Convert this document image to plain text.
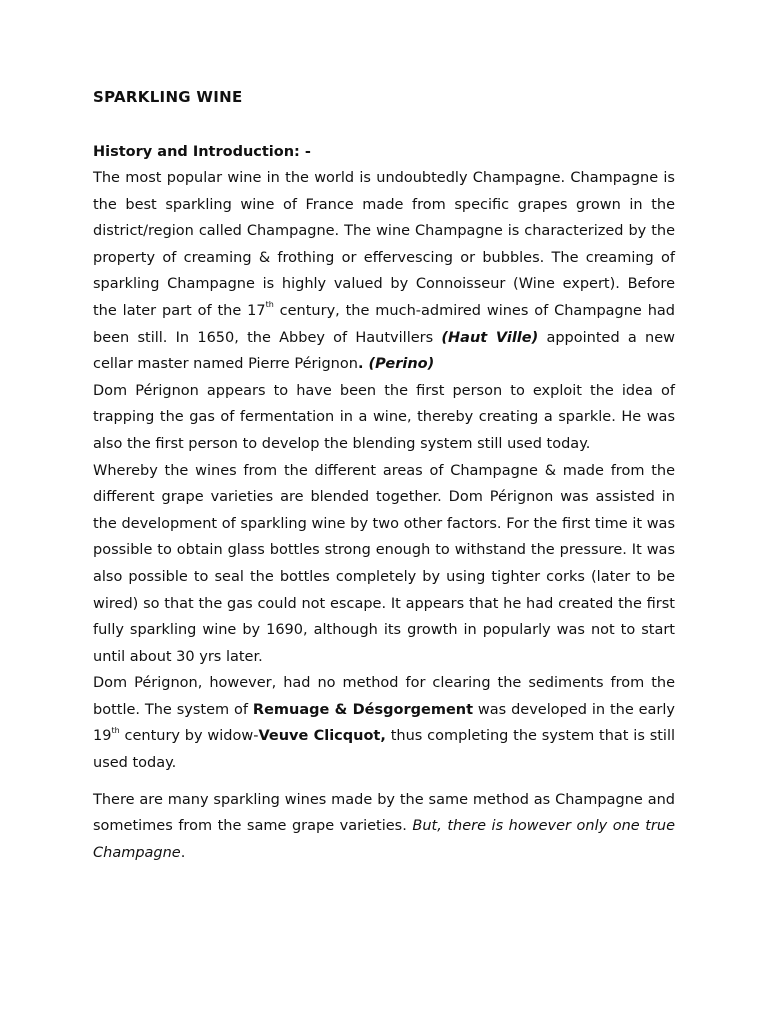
SPARKLING WINE
History and Introduction: -

The most popular wine in the world is undoubtedly Champagne. Champagne is the best sparkling wine of France made from specific grapes grown in the district/region called Champagne. The wine Champagne is characterized by the property of creaming & frothing or effervescing or bubbles. The creaming of sparkling Champagne is highly valued by Connoisseur (Wine expert). Before the later part of the 17th century, the much-admired wines of Champagne had been still. In 1650, the Abbey of Hautvillers (Haut Ville) appointed a new cellar master named Pierre Pérignon. (Perino)

Dom Pérignon appears to have been the first person to exploit the idea of trapping the gas of fermentation in a wine, thereby creating a sparkle. He was also the first person to develop the blending system still used today.

Whereby the wines from the different areas of Champagne & made from the different grape varieties are blended together. Dom Pérignon was assisted in the development of sparkling wine by two other factors. For the first time it was possible to obtain glass bottles strong enough to withstand the pressure. It was also possible to seal the bottles completely by using tighter corks (later to be wired) so that the gas could not escape. It appears that he had created the first fully sparkling wine by 1690, although its growth in popularly was not to start until about 30 yrs later.

Dom Pérignon, however, had no method for clearing the sediments from the bottle. The system of Remuage & Désgorgement was developed in the early 19th century by widow-Veuve Clicquot, thus completing the system that is still used today.

There are many sparkling wines made by the same method as Champagne and sometimes from the same grape varieties. But, there is however only one true Champagne.
